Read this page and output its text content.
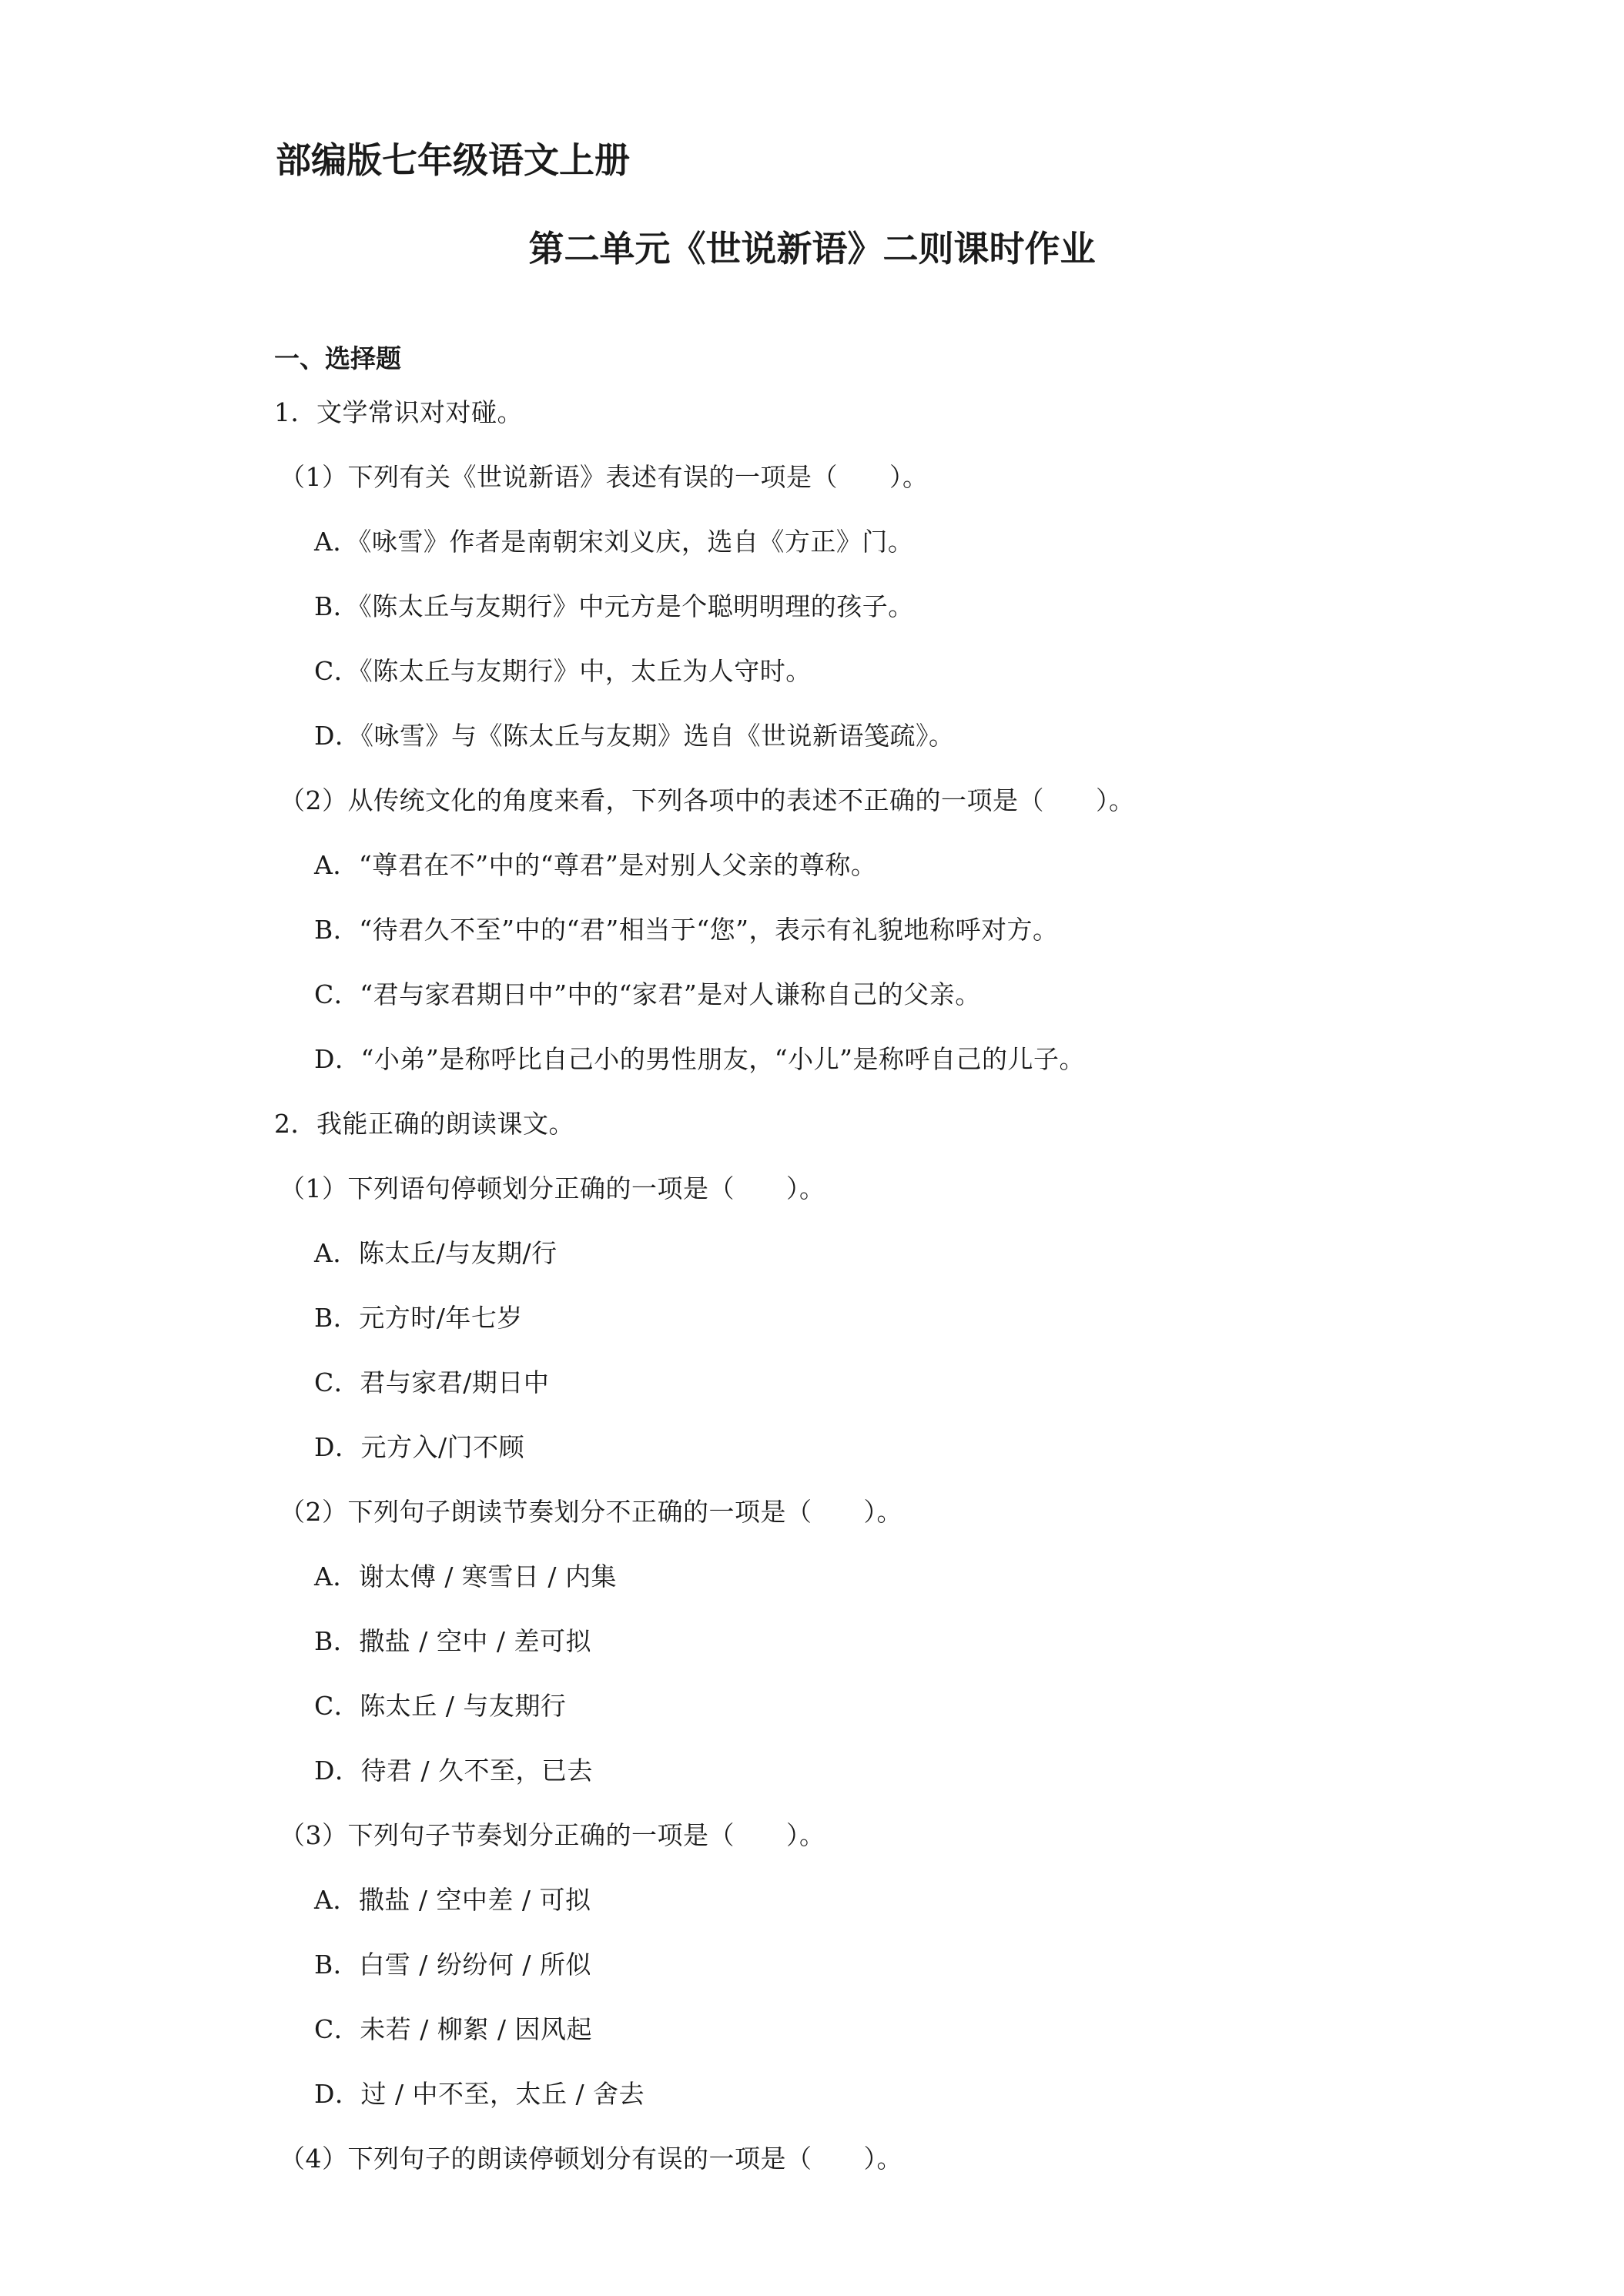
部编版七年级语文上册
第二单元《世说新语》二则课时作业
一、选择题
1．文学常识对对碰。
（1）下列有关《世说新语》表述有误的一项是（　　）。
A．《咏雪》作者是南朝宋刘义庆，选自《方正》门。
B．《陈太丘与友期行》中元方是个聪明明理的孩子。
C．《陈太丘与友期行》中，太丘为人守时。
D．《咏雪》与《陈太丘与友期》选自《世说新语笺疏》。
（2）从传统文化的角度来看，下列各项中的表述不正确的一项是（　　）。
A．“尊君在不”中的“尊君”是对别人父亲的尊称。
B．“待君久不至”中的“君”相当于“您”，表示有礼貌地称呼对方。
C．“君与家君期日中”中的“家君”是对人谦称自己的父亲。
D．“小弟”是称呼比自己小的男性朋友，“小儿”是称呼自己的儿子。
2．我能正确的朗读课文。
（1）下列语句停顿划分正确的一项是（　　）。
A．陈太丘/与友期/行
B．元方时/年七岁
C．君与家君/期日中
D．元方入/门不顾
（2）下列句子朗读节奏划分不正确的一项是（　　）。
A．谢太傅 / 寒雪日 / 内集
B．撒盐 / 空中 / 差可拟
C．陈太丘 / 与友期行
D．待君 / 久不至，已去
（3）下列句子节奏划分正确的一项是（　　）。
A．撒盐 / 空中差 / 可拟
B．白雪 / 纷纷何 / 所似
C．未若 / 柳絮 / 因风起
D．过 / 中不至，太丘 / 舍去
（4）下列句子的朗读停顿划分有误的一项是（　　）。
